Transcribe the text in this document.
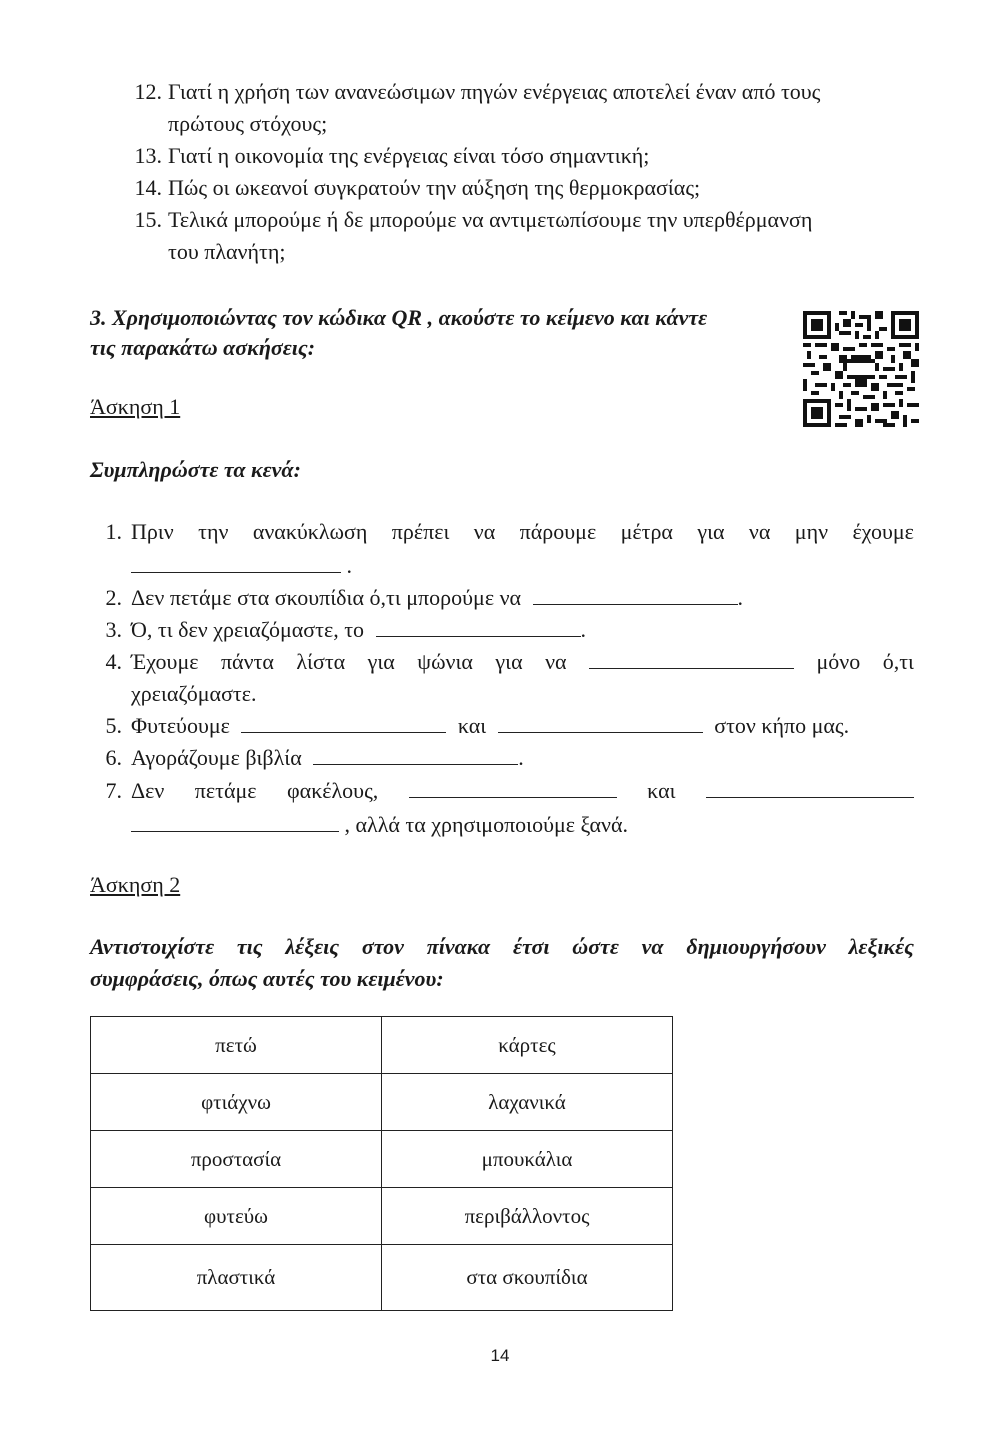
12. Γιατί η χρήση των ανανεώσιμων πηγών ενέργειας αποτελεί έναν από τους
πρώτους στόχους;
13. Γιατί η οικονομία της ενέργειας είναι τόσο σημαντική;
14. Πώς οι ωκεανοί συγκρατούν την αύξηση της θερμοκρασίας;
15. Τελικά μπορούμε ή δε μπορούμε να αντιμετωπίσουμε την υπερθέρμανση
του πλανήτη;
3. Χρησιμοποιώντας τον κώδικα QR , ακούστε το κείμενο και κάντε
τις παρακάτω ασκήσεις:
Άσκηση 1
Συμπληρώστε τα κενά:
1. Πριν την ανακύκλωση πρέπει να πάρουμε μέτρα για να μην έχουμε
.
2. Δεν πετάμε στα σκουπίδια ό,τι μπορούμε να	.
3. Ό, τι δεν χρειαζόμαστε, το	.
4. Έχουμε πάντα λίστα για ψώνια για να	μόνο ό,τι
χρειαζόμαστε.
5. Φυτεύουμε	και	στον κήπο μας.
6. Αγοράζουμε βιβλία	.
7. Δεν πετάμε φακέλους,	και
, αλλά τα χρησιμοποιούμε ξανά.
Άσκηση 2
Αντιστοιχίστε τις λέξεις στον πίνακα έτσι ώστε να δημιουργήσουν λεξικές
συμφράσεις, όπως αυτές του κειμένου:
πετώ	κάρτες
φτιάχνω	λαχανικά
προστασία	μπουκάλια
φυτεύω	περιβάλλοντος
πλαστικά	στα σκουπίδια
14
